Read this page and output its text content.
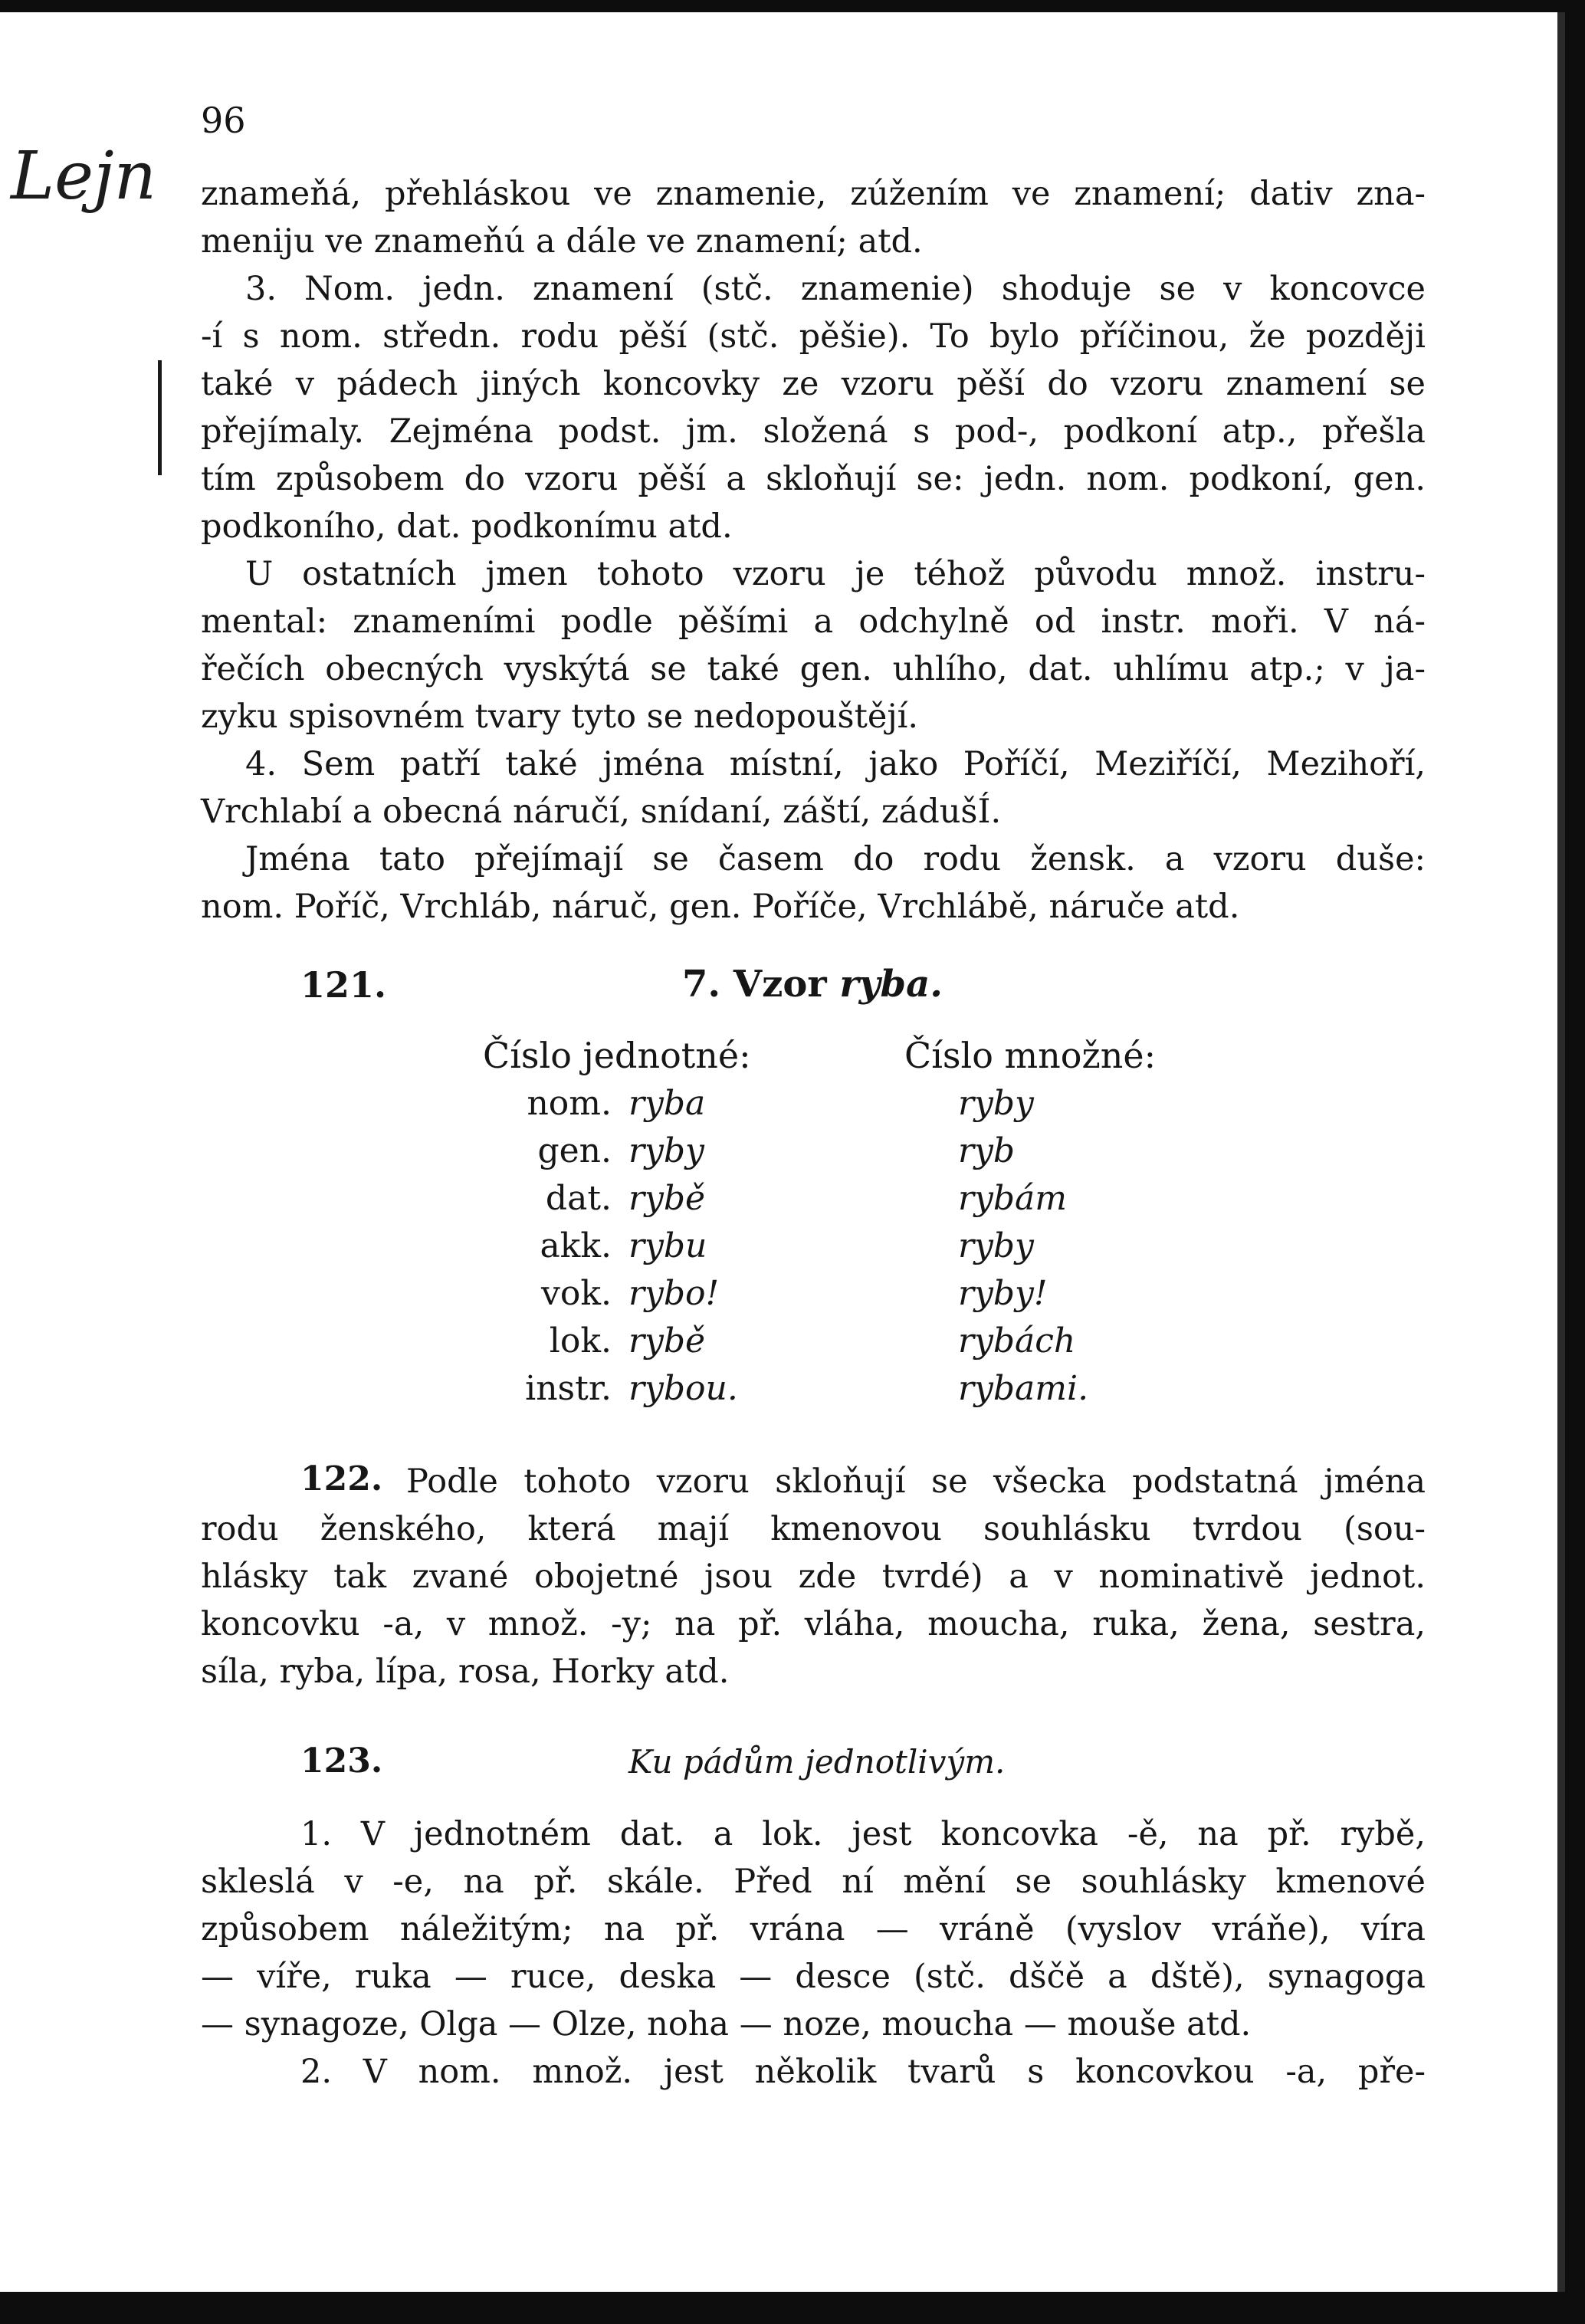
Lejn
96
znameňá, přehláskou ve znamenie, zúžením ve znamení; dativ zna-
meniju ve znameňú a dále ve znamení; atd.
3. Nom. jedn. znamení (stč. znamenie) shoduje se v koncovce
-í s nom. středn. rodu pěší (stč. pěšie). To bylo příčinou, že později
také v pádech jiných koncovky ze vzoru pěší do vzoru znamení se
přejímaly. Zejména podst. jm. složená s pod-, podkoní atp., přešla
tím způsobem do vzoru pěší a skloňují se: jedn. nom. podkoní, gen.
podkoního, dat. podkonímu atd.
U ostatních jmen tohoto vzoru je téhož původu množ. instru-
mental: znameními podle pěšími a odchylně od instr. moři. V ná-
řečích obecných vyskýtá se také gen. uhlího, dat. uhlímu atp.; v ja-
zyku spisovném tvary tyto se nedopouštějí.
4. Sem patří také jména místní, jako Poříčí, Meziříčí, Mezihoří,
Vrchlabí a obecná náručí, snídaní, záští, zádušÍ.
Jména tato přejímají se časem do rodu žensk. a vzoru duše:
nom. Poříč, Vrchláb, náruč, gen. Poříče, Vrchlábě, náruče atd.
121.	7. Vzor ryba.
Číslo jednotné:	Číslo množné:
nom. ryba	ryby
gen. ryby	ryb
dat. rybě	rybám
akk. rybu	ryby
vok. rybo!	ryby!
lok. rybě	rybách
instr. rybou.	rybami.
122. Podle tohoto vzoru skloňují se všecka podstatná jména
rodu ženského, která mají kmenovou souhlásku tvrdou (sou-
hlásky tak zvané obojetné jsou zde tvrdé) a v nominativě jednot.
koncovku -a, v množ. -y; na př. vláha, moucha, ruka, žena, sestra,
síla, ryba, lípa, rosa, Horky atd.
123.	Ku pádům jednotlivým.
1. V jednotném dat. a lok. jest koncovka -ě, na př. rybě,
skleslá v -e, na př. skále. Před ní mění se souhlásky kmenové
způsobem náležitým; na př. vrána — vráně (vyslov vráňe), víra
— víře, ruka — ruce, deska — desce (stč. dščě a dště), synagoga
— synagoze, Olga — Olze, noha — noze, moucha — mouše atd.
2. V nom. množ. jest několik tvarů s koncovkou -a, pře-
